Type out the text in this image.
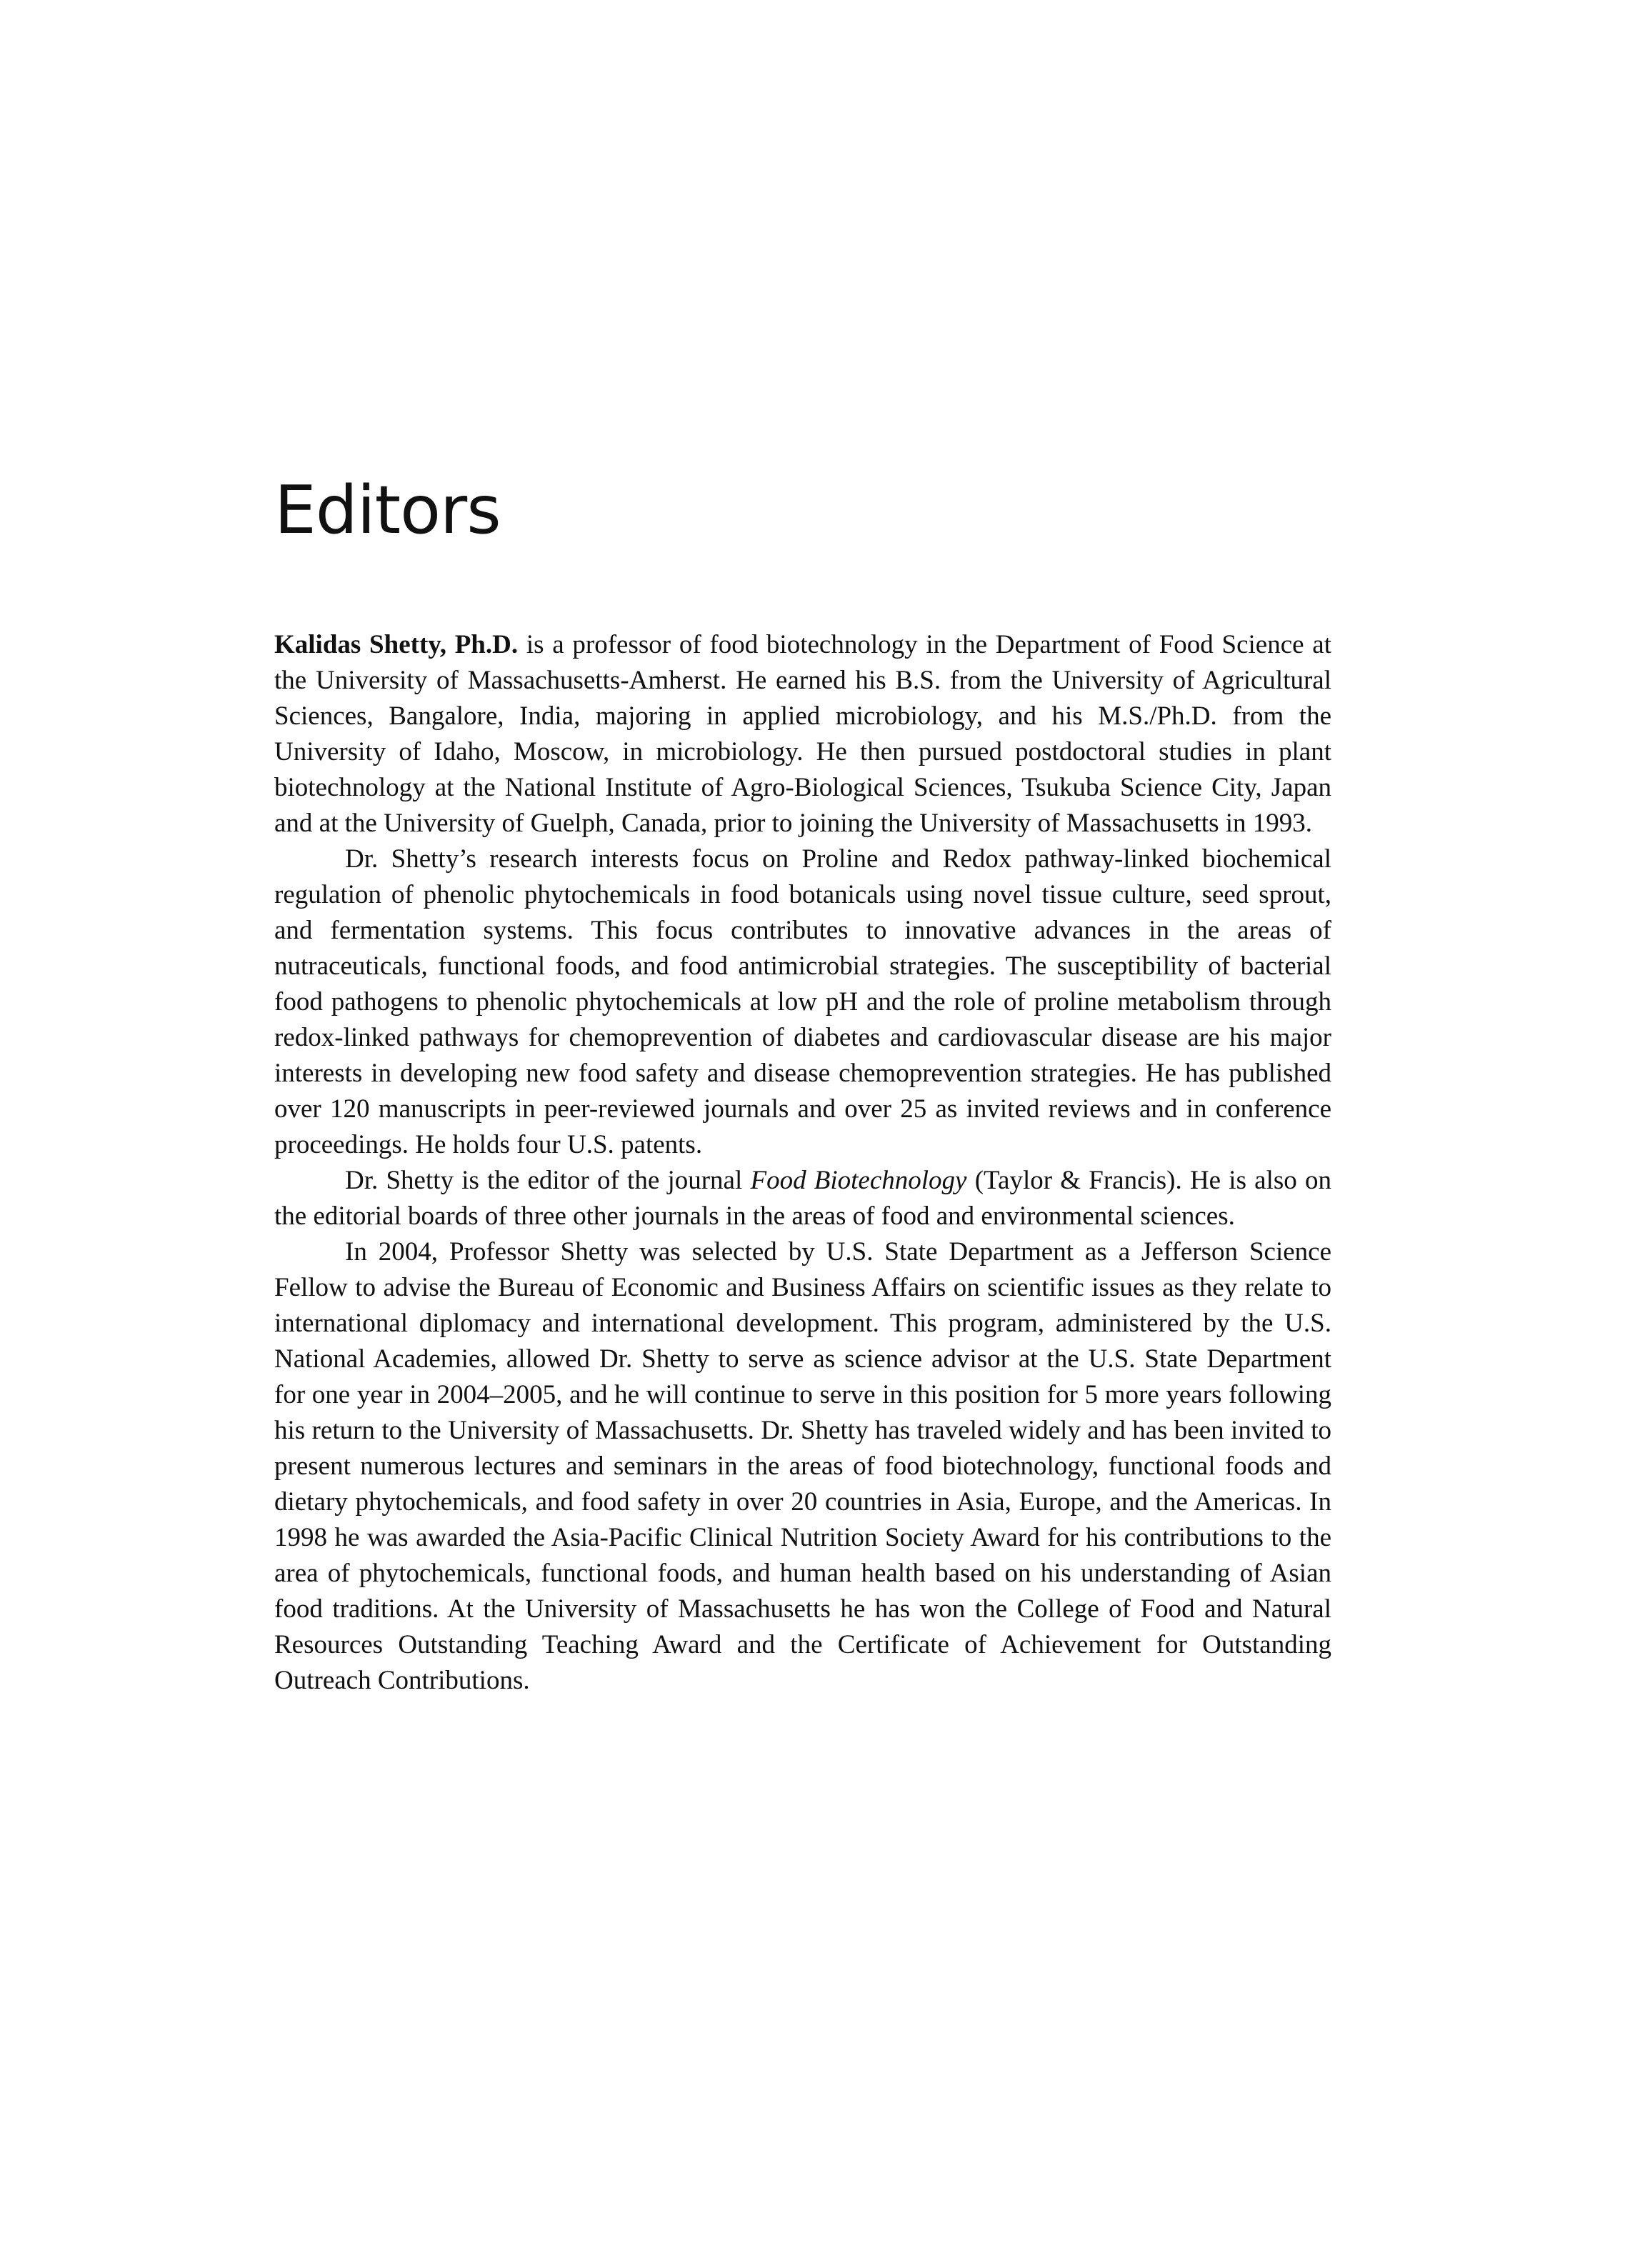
Editors

Kalidas Shetty, Ph.D. is a professor of food biotechnology in the Department of Food Science at the University of Massachusetts-Amherst. He earned his B.S. from the University of Agricultural Sciences, Bangalore, India, majoring in applied microbiology, and his M.S./Ph.D. from the University of Idaho, Moscow, in microbiology. He then pursued postdoctoral studies in plant biotechnology at the National Institute of Agro-Biological Sciences, Tsukuba Science City, Japan and at the University of Guelph, Canada, prior to joining the University of Massachusetts in 1993.

Dr. Shetty’s research interests focus on Proline and Redox pathway-linked biochemical regulation of phenolic phytochemicals in food botanicals using novel tissue culture, seed sprout, and fermentation systems. This focus contributes to innovative advances in the areas of nutraceuticals, functional foods, and food antimicrobial strategies. The susceptibility of bacterial food pathogens to phenolic phytochemicals at low pH and the role of proline metabolism through redox-linked pathways for chemoprevention of diabetes and cardiovascular disease are his major interests in developing new food safety and disease chemoprevention strategies. He has published over 120 manuscripts in peer-reviewed journals and over 25 as invited reviews and in conference proceedings. He holds four U.S. patents.

Dr. Shetty is the editor of the journal Food Biotechnology (Taylor & Francis). He is also on the editorial boards of three other journals in the areas of food and environmental sciences.

In 2004, Professor Shetty was selected by U.S. State Department as a Jefferson Science Fellow to advise the Bureau of Economic and Business Affairs on scientific issues as they relate to international diplomacy and international development. This program, administered by the U.S. National Academies, allowed Dr. Shetty to serve as science advisor at the U.S. State Department for one year in 2004–2005, and he will continue to serve in this position for 5 more years following his return to the University of Massachusetts. Dr. Shetty has traveled widely and has been invited to present numerous lectures and seminars in the areas of food biotechnology, functional foods and dietary phytochemicals, and food safety in over 20 countries in Asia, Europe, and the Americas. In 1998 he was awarded the Asia-Pacific Clinical Nutrition Society Award for his contributions to the area of phytochemicals, functional foods, and human health based on his understanding of Asian food traditions. At the University of Massachusetts he has won the College of Food and Natural Resources Outstanding Teaching Award and the Certificate of Achievement for Outstanding Outreach Contributions.
